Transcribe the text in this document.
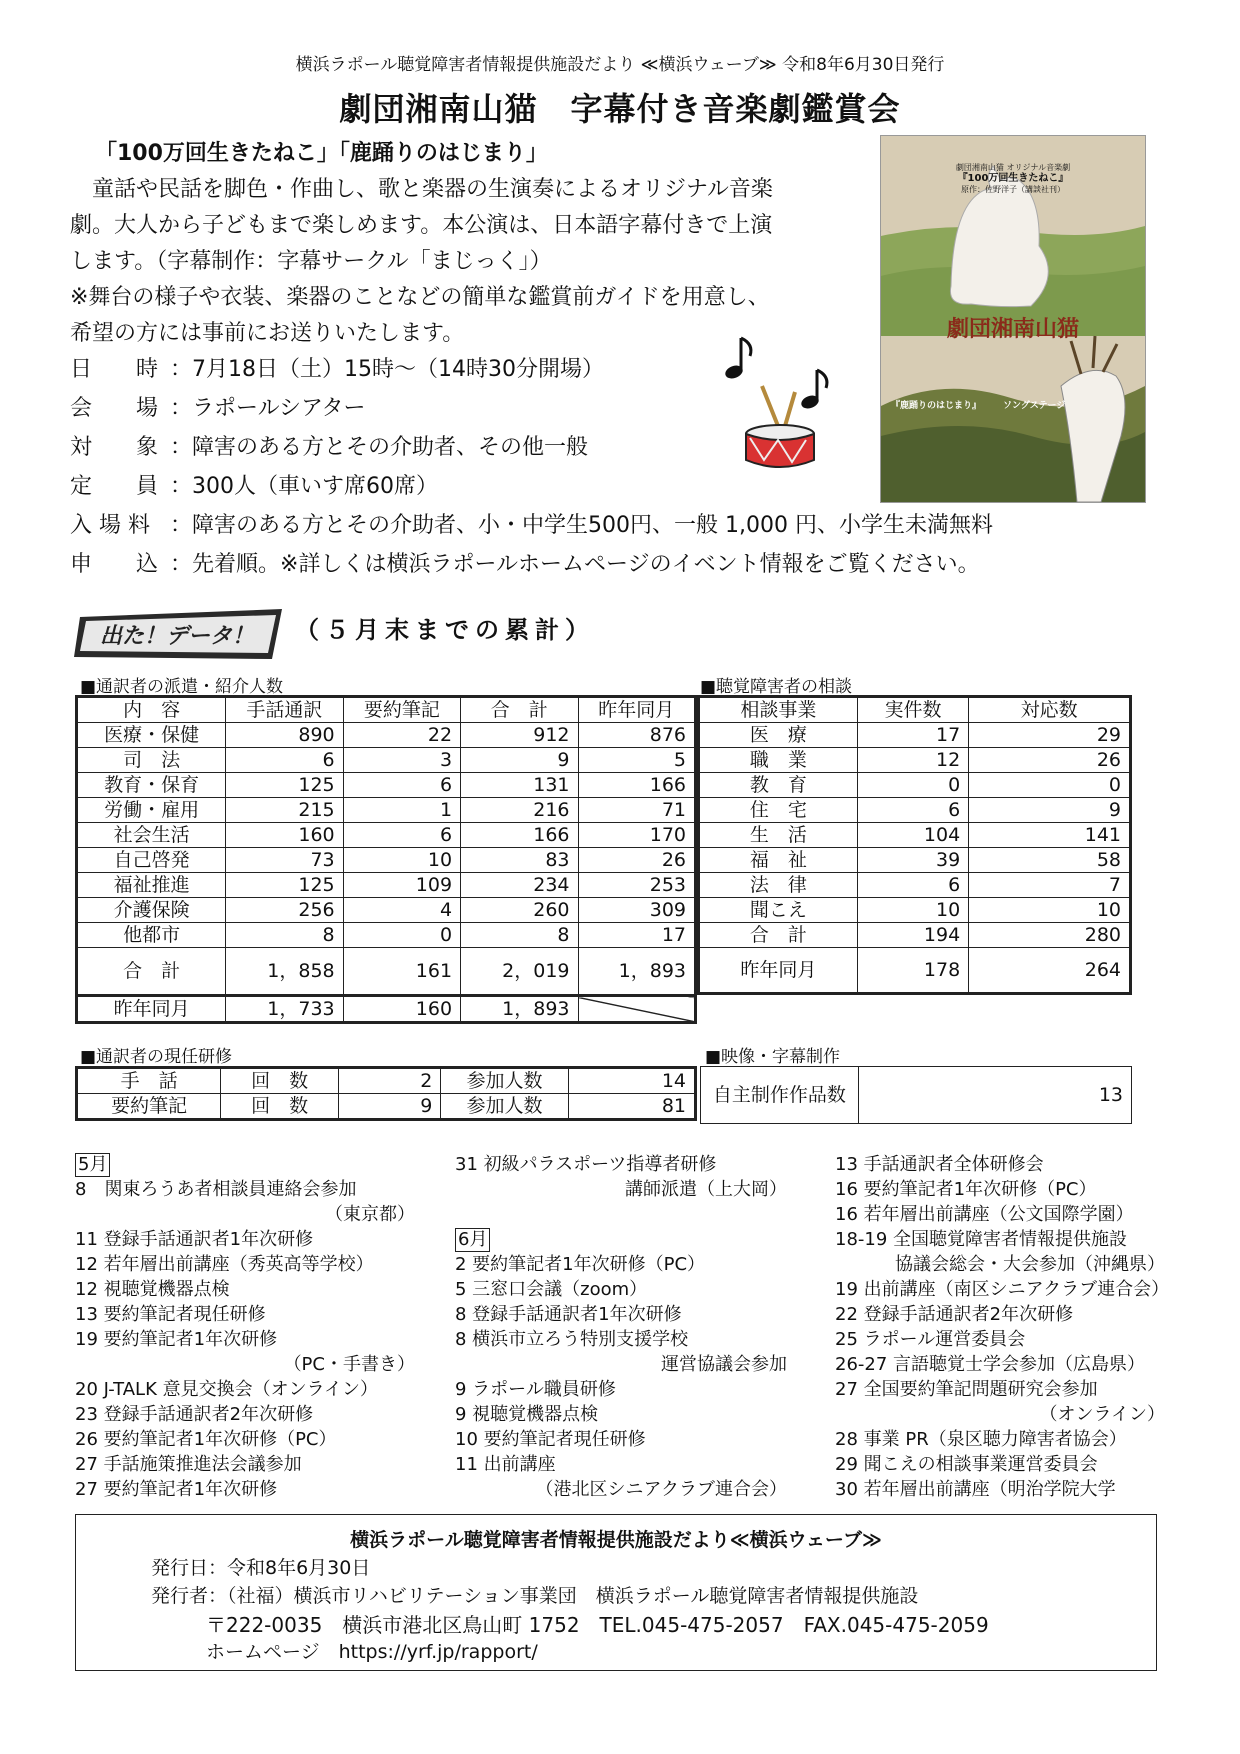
横浜ラポール聴覚障害者情報提供施設だより ≪横浜ウェーブ≫ 令和8年6月30日発行
劇団湘南山猫　字幕付き音楽劇鑑賞会
「100万回生きたねこ」「鹿踊りのはじまり」

　童話や民話を脚色・作曲し、歌と楽器の生演奏によるオリジナル音楽

劇。大人から子どもまで楽しめます。本公演は、日本語字幕付きで上演

します。（字幕制作：字幕サークル「まじっく」）

※舞台の様子や衣装、楽器のことなどの簡単な鑑賞前ガイドを用意し、

希望の方には事前にお送りいたします。

日　　時 ：7月18日（土）15時～（14時30分開場）
会　　場 ：ラポールシアター
対　　象 ：障害のある方とその介助者、その他一般
定　　員 ：300人（車いす席60席）
入 場 料 ：障害のある方とその介助者、小・中学生500円、一般 1,000 円、小学生未満無料
申　　込 ：先着順。※詳しくは横浜ラポールホームページのイベント情報をご覧ください。
劇団湘南山猫 オリジナル音楽劇
『100万回生きたねこ』
原作：佐野洋子（講談社刊）
劇団湘南山猫
『鹿踊りのはじまり』 ソングステージ
出た！データ！ （５月末までの累計）
■通訳者の派遣・紹介人数
内　容	手話通訳	要約筆記	合　計	昨年同月
医療・保健	890	22	912	876
司　法	6	3	9	5
教育・保育	125	6	131	166
労働・雇用	215	1	216	71
社会生活	160	6	166	170
自己啓発	73	10	83	26
福祉推進	125	109	234	253
介護保険	256	4	260	309
他都市	8	0	8	17
合　計	1，858	161	2，019	1，893
昨年同月	1，733	160	1，893	
■聴覚障害者の相談
相談事業	実件数	対応数
医　療	17	29
職　業	12	26
教　育	0	0
住　宅	6	9
生　活	104	141
福　祉	39	58
法　律	6	7
聞こえ	10	10
合　計	194	280
昨年同月	178	264
■通訳者の現任研修
手　話	回　数	2	参加人数	14
要約筆記	回　数	9	参加人数	81
■映像・字幕制作
自主制作作品数	13
5月
8　関東ろうあ者相談員連絡会参加
（東京都）
11 登録手話通訳者1年次研修
12 若年層出前講座（秀英高等学校）
12 視聴覚機器点検
13 要約筆記者現任研修
19 要約筆記者1年次研修
（PC・手書き）
20 J-TALK 意見交換会（オンライン）
23 登録手話通訳者2年次研修
26 要約筆記者1年次研修（PC）
27 手話施策推進法会議参加
27 要約筆記者1年次研修
31 初級パラスポーツ指導者研修
講師派遣（上大岡）

6月
2 要約筆記者1年次研修（PC）
5 三窓口会議（zoom）
8 登録手話通訳者1年次研修
8 横浜市立ろう特別支援学校
運営協議会参加
9 ラポール職員研修
9 視聴覚機器点検
10 要約筆記者現任研修
11 出前講座
（港北区シニアクラブ連合会）
13 手話通訳者全体研修会
16 要約筆記者1年次研修（PC）
16 若年層出前講座（公文国際学園）
18-19 全国聴覚障害者情報提供施設
協議会総会・大会参加（沖縄県）
19 出前講座（南区シニアクラブ連合会）
22 登録手話通訳者2年次研修
25 ラポール運営委員会
26-27 言語聴覚士学会参加（広島県）
27 全国要約筆記問題研究会参加
（オンライン）
28 事業 PR（泉区聴力障害者協会）
29 聞こえの相談事業運営委員会
30 若年層出前講座（明治学院大学
横浜ラポール聴覚障害者情報提供施設だより≪横浜ウェーブ≫
発行日：令和8年6月30日
発行者：（社福）横浜市リハビリテーション事業団　横浜ラポール聴覚障害者情報提供施設
〒222-0035　横浜市港北区鳥山町 1752　TEL.045-475-2057　FAX.045-475-2059
ホームページ　https://yrf.jp/rapport/
